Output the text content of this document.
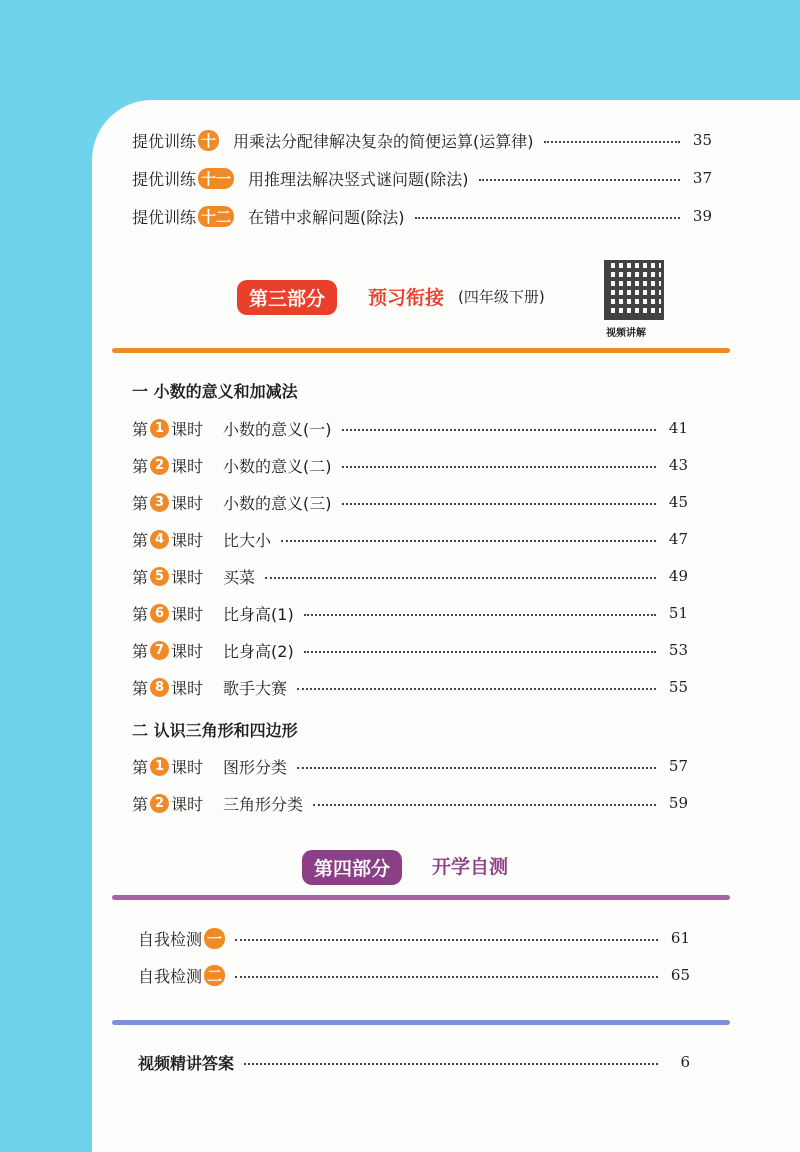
提优训练 十 用乘法分配律解决复杂的简便运算(运算律)	35
提优训练 十一 用推理法解决竖式谜问题(除法)	37
提优训练 十二 在错中求解问题(除法)	39
第三部分	预习衔接 (四年级下册)
视频讲解
一 小数的意义和加减法
第 1 课时 小数的意义(一)	41
第 2 课时 小数的意义(二)	43
第 3 课时 小数的意义(三)	45
第 4 课时 比大小	47
第 5 课时 买菜	49
第 6 课时 比身高(1)	51
第 7 课时 比身高(2)	53
第 8 课时 歌手大赛	55
二 认识三角形和四边形
第 1 课时 图形分类	57
第 2 课时 三角形分类	59
第四部分	开学自测
自我检测 一	61
自我检测 二	65
视频精讲答案	6
